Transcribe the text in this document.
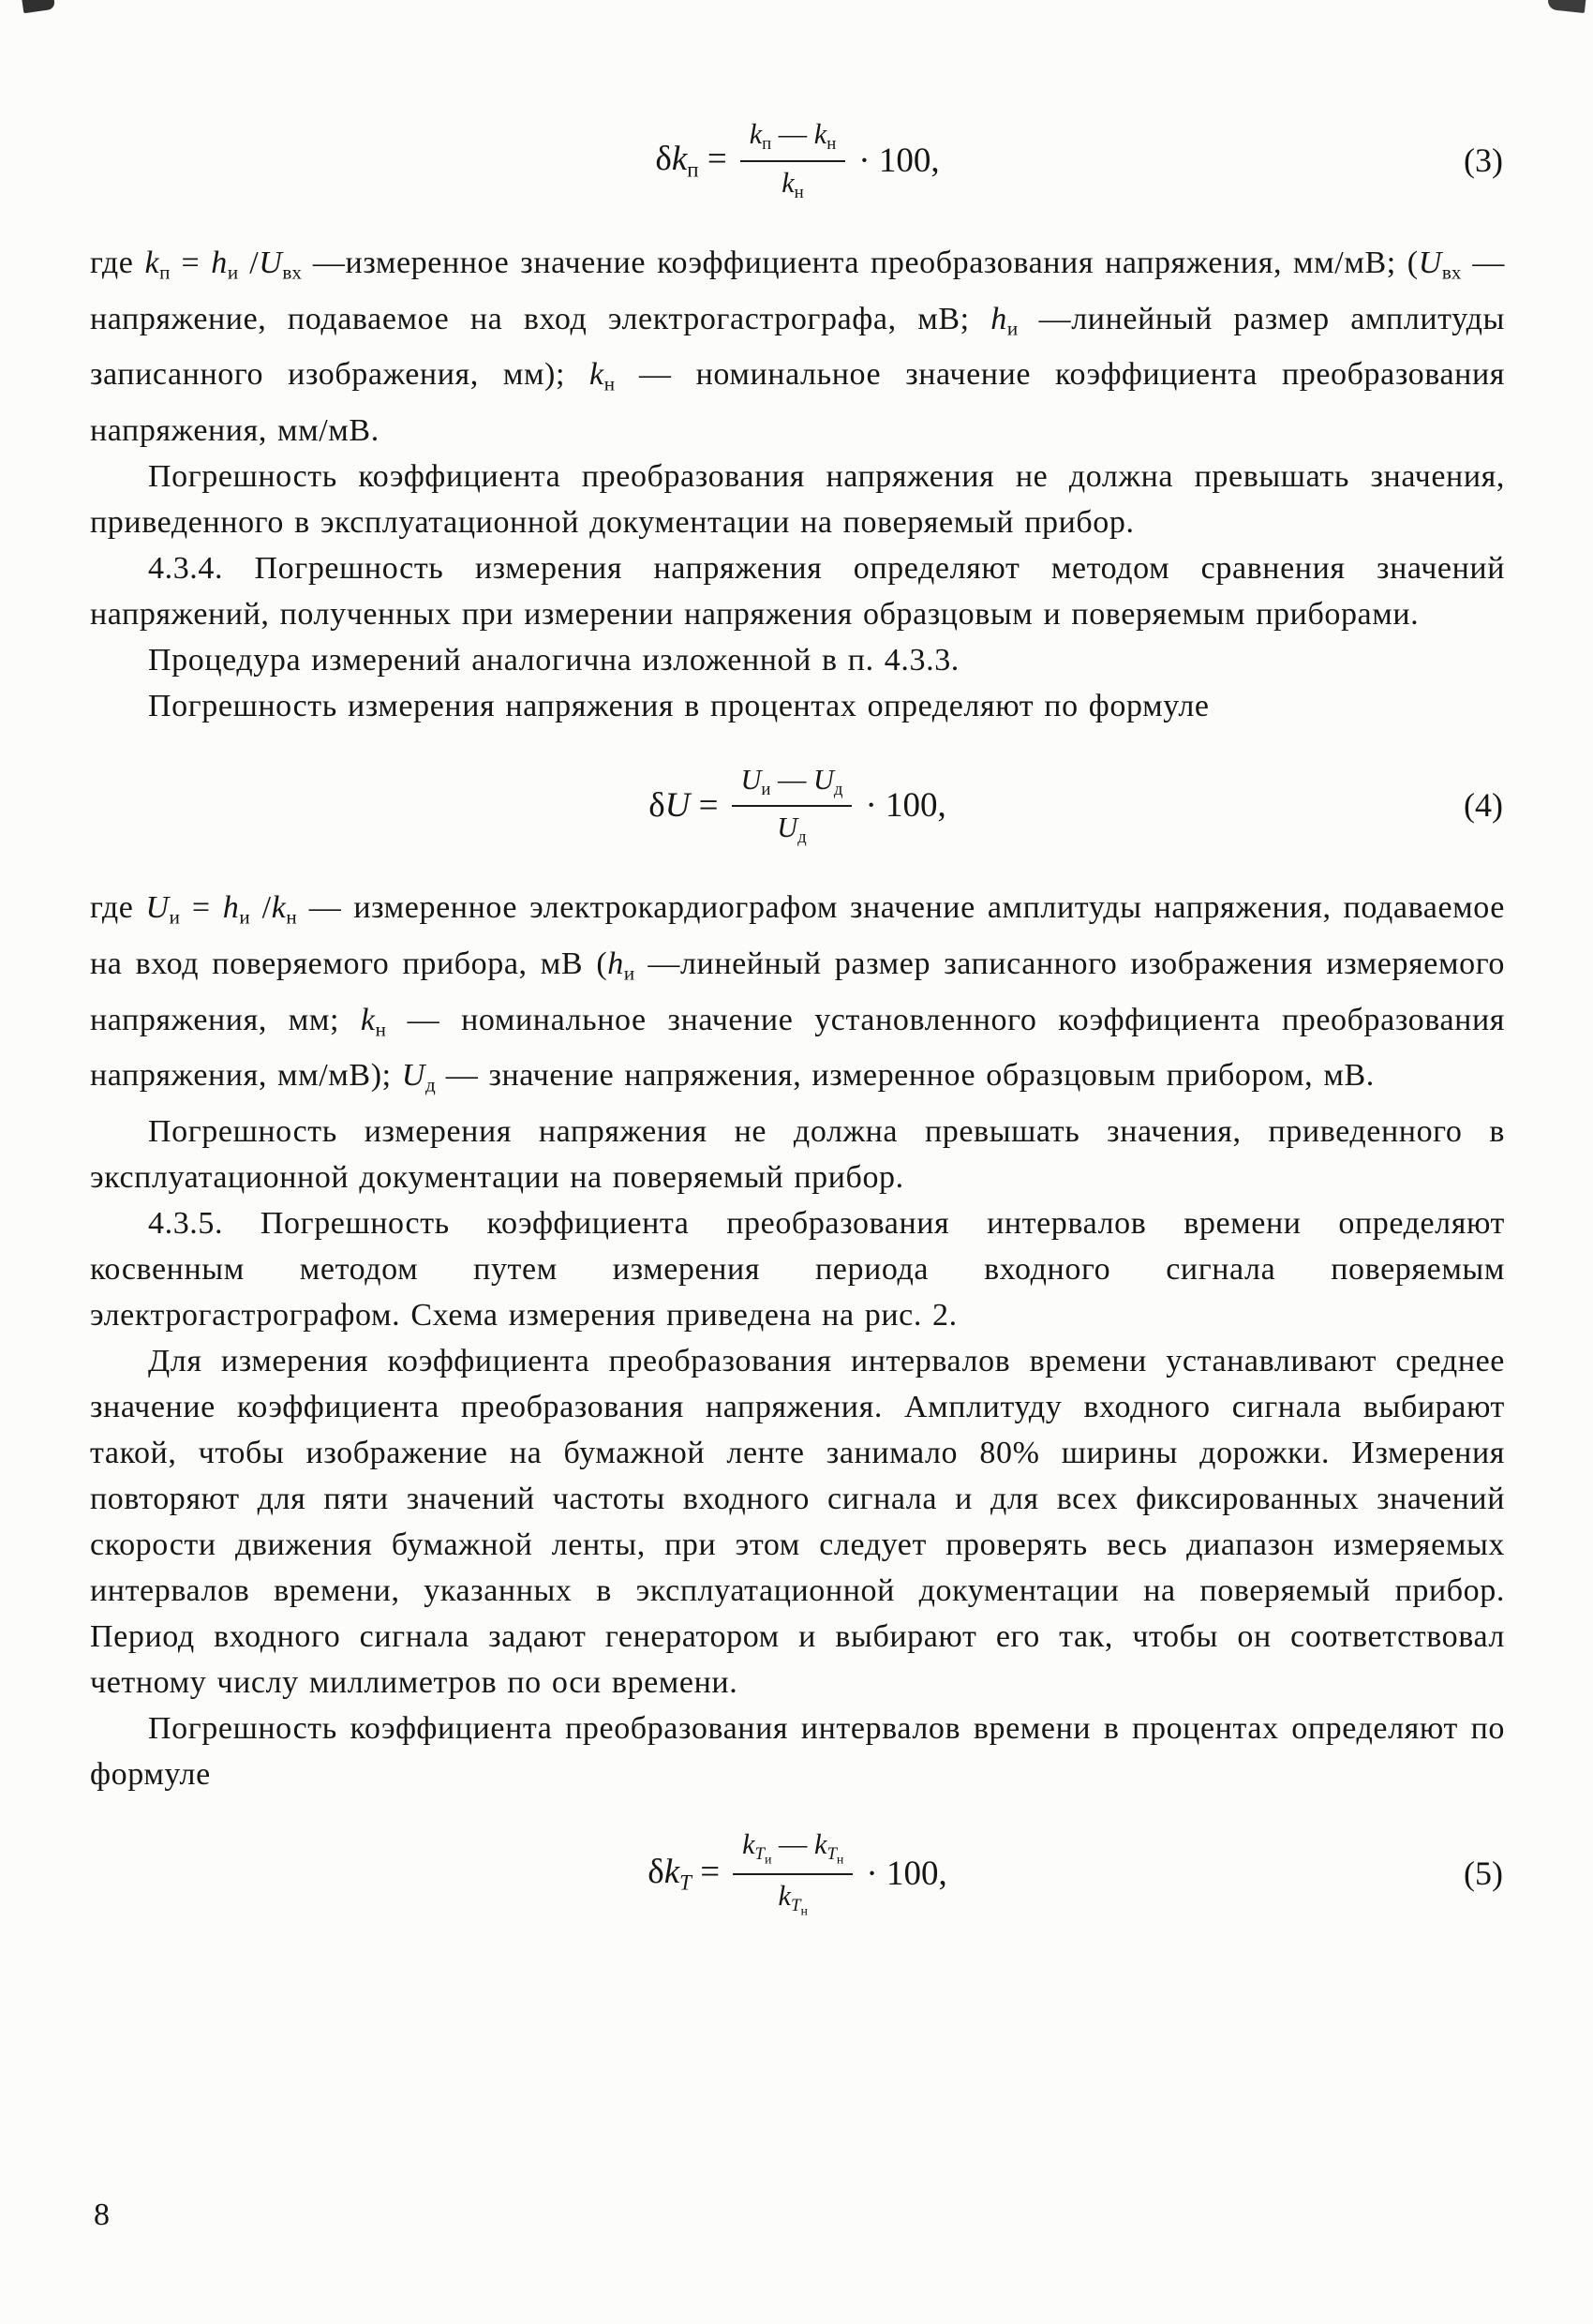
$\delta kп = \frac{kп — kн}{kн} \cdot 100$,	(3)

где kп = hи /Uвх —измеренное значение коэффициента преобразования напряжения, мм/мВ; (Uвх — напряжение, подаваемое на вход электрогастрографа, мВ; hи —линейный размер амплитуды записанного изображения, мм); kн — номинальное значение коэффициента преобразования напряжения, мм/мВ.

Погрешность коэффициента преобразования напряжения не должна превышать значения, приведенного в эксплуатационной документации на поверяемый прибор.

4.3.4. Погрешность измерения напряжения определяют методом сравнения значений напряжений, полученных при измерении напряжения образцовым и поверяемым приборами.

Процедура измерений аналогична изложенной в п. 4.3.3.

Погрешность измерения напряжения в процентах определяют по формуле

$\delta U = \frac{Uи — Uд}{Uд} \cdot 100$,	(4)

где Uи = hи /kн — измеренное электрокардиографом значение амплитуды напряжения, подаваемое на вход поверяемого прибора, мВ (hи —линейный размер записанного изображения измеряемого напряжения, мм; kн — номинальное значение установленного коэффициента преобразования напряжения, мм/мВ); Uд — значение напряжения, измеренное образцовым прибором, мВ.

Погрешность измерения напряжения не должна превышать значения, приведенного в эксплуатационной документации на поверяемый прибор.

4.3.5. Погрешность коэффициента преобразования интервалов времени определяют косвенным методом путем измерения периода входного сигнала поверяемым электрогастрографом. Схема измерения приведена на рис. 2.

Для измерения коэффициента преобразования интервалов времени устанавливают среднее значение коэффициента преобразования напряжения. Амплитуду входного сигнала выбирают такой, чтобы изображение на бумажной ленте занимало 80% ширины дорожки. Измерения повторяют для пяти значений частоты входного сигнала и для всех фиксированных значений скорости движения бумажной ленты, при этом следует проверять весь диапазон измеряемых интервалов времени, указанных в эксплуатационной документации на поверяемый прибор. Период входного сигнала задают генератором и выбирают его так, чтобы он соответствовал четному числу миллиметров по оси времени.

Погрешность коэффициента преобразования интервалов времени в процентах определяют по формуле

$\delta kT = \frac{kT_и — kT_н}{kT_н} \cdot 100$,	(5)
8
